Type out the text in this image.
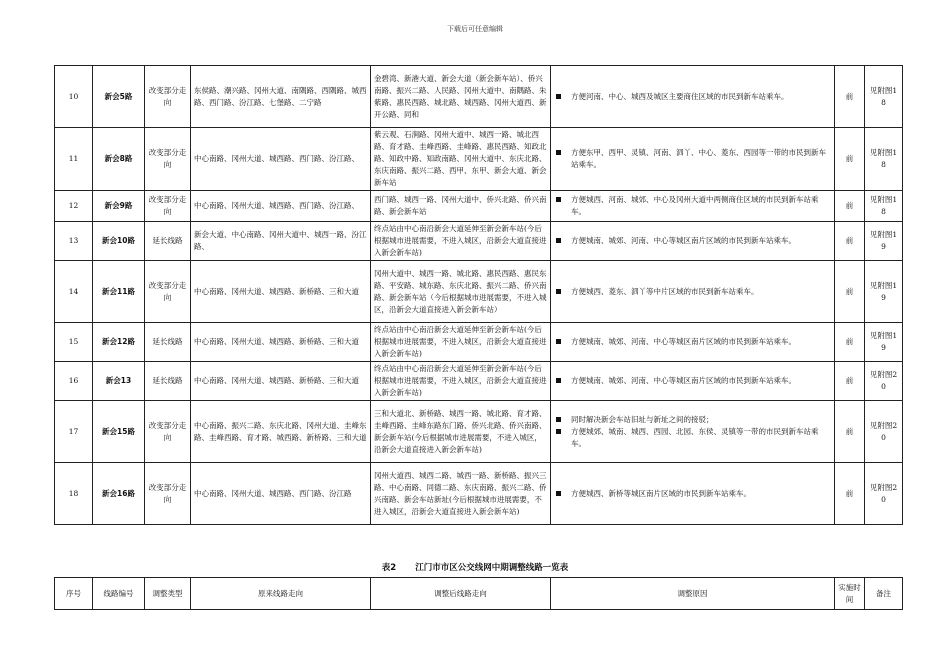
下载后可任意编辑
10	新会5路	改变部分走向	东侯路、潮兴路、冈州大道、南隅路、西隅路、城西路、西门路、汾江路、七堡路、二宁路	金碧湾、新港大道、新会大道（新会新车站）、侨兴南路、振兴二路、人民路、冈州大道中、南隅路、朱紫路、惠民西路、城北路、城西路、冈州大道西、新开公路、同和	方便河南、中心、城西及城区主要商住区域的市民到新车站乘车。	前	见附图18
11	新会8路	改变部分走向	中心南路、冈州大道、城西路、西门路、汾江路、	紫云观、石涧路、冈州大道中、城西一路、城北西路、育才路、圭峰西路、圭峰路、惠民西路、知政北路、知政中路、知政南路、冈州大道中、东庆北路、东庆南路、振兴二路、西甲、东甲、新会大道、新会新车站	方便东甲、西甲、灵镇、河南、泗丫、中心、菱东、西园等一带的市民到新车站乘车。	前	见附图18
12	新会9路	改变部分走向	中心南路、冈州大道、城西路、西门路、汾江路、	西门路、城西一路、冈州大道中、侨兴北路、侨兴南路、新会新车站	方便城西、河南、城郊、中心及冈州大道中两侧商住区域的市民到新车站乘车。	前	见附图18
13	新会10路	延长线路	新会大道、中心南路、冈州大道中、城西一路、汾江路、	终点站由中心南沿新会大道延伸至新会新车站(今后根据城市进展需要，不进入城区，沿新会大道直接进入新会新车站)	方便城南、城郊、河南、中心等城区南片区域的市民到新车站乘车。	前	见附图19
14	新会11路	改变部分走向	中心南路、冈州大道、城西路、新桥路、三和大道	冈州大道中、城西一路、城北路、惠民西路、惠民东路、平安路、城东路、东庆北路、振兴二路、侨兴南路、新会新车站（今后根据城市进展需要，不进入城区，沿新会大道直接进入新会新车站）	方便城西、菱东、泗丫等中片区域的市民到新车站乘车。	前	见附图19
15	新会12路	延长线路	中心南路、冈州大道、城西路、新桥路、三和大道	终点站由中心南沿新会大道延伸至新会新车站(今后根据城市进展需要，不进入城区，沿新会大道直接进入新会新车站)	方便城南、城郊、河南、中心等城区南片区域的市民到新车站乘车。	前	见附图19
16	新会13	延长线路	中心南路、冈州大道、城西路、新桥路、三和大道	终点站由中心南沿新会大道延伸至新会新车站(今后根据城市进展需要，不进入城区，沿新会大道直接进入新会新车站)	方便城南、城郊、河南、中心等城区南片区域的市民到新车站乘车。	前	见附图20
17	新会15路	改变部分走向	中心南路、振兴二路、东庆北路、冈州大道、圭峰东路、圭峰西路、育才路、城西路、新桥路、三和大道	三和大道北、新桥路、城西一路、城北路、育才路、圭峰西路、圭峰东路东门路、侨兴北路、侨兴南路、新会新车站(今后根据城市进展需要，不进入城区，沿新会大道直接进入新会新车站)	同时解决新会车站旧址与新址之间的接驳；
方便城郊、城南、城西、西园、北园、东侯、灵镇等一带的市民到新车站乘车。	前	见附图20
18	新会16路	改变部分走向	中心南路、冈州大道、城西路、西门路、汾江路	冈州大道西、城西二路、城西一路、新桥路、振兴三路、中心南路、同德二路、东庆南路、振兴二路、侨兴南路、新会车站新址(今后根据城市进展需要，不进入城区，沿新会大道直接进入新会新车站)	方便城西、新桥等城区南片区域的市民到新车站乘车。	前	见附图20
表2 江门市市区公交线网中期调整线路一览表
序号	线路编号	调整类型	原来线路走向	调整后线路走向	调整原因	实施时间	备注
